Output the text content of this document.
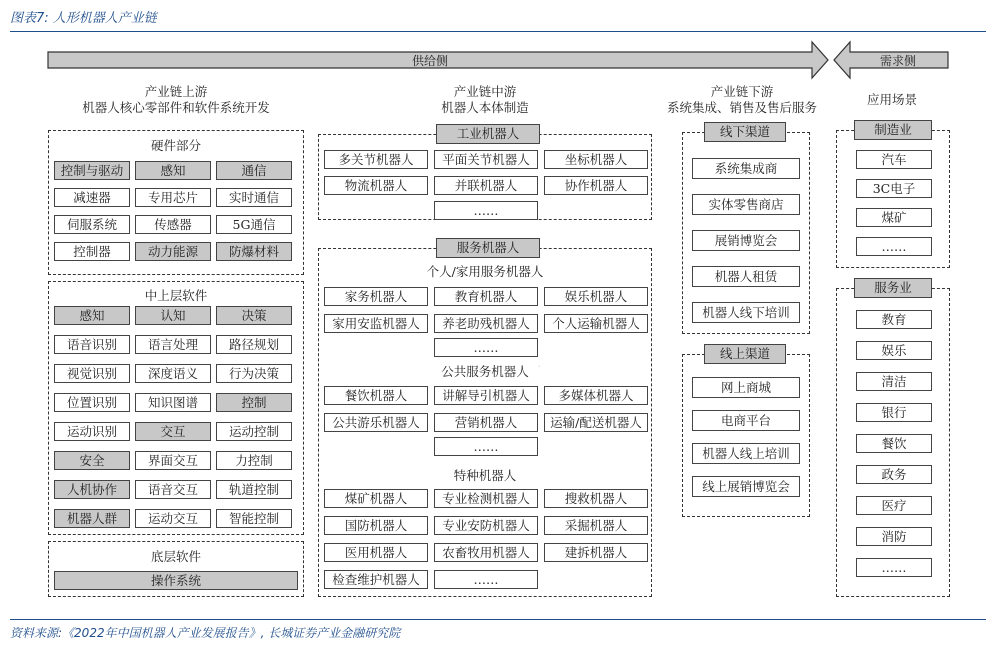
图表7: 人形机器人产业链
供给侧	需求侧
产业链上游
机器人核心零部件和软件系统开发
产业链中游
机器人本体制造
产业链下游
系统集成、销售及售后服务
应用场景
硬件部分
控制与驱动	感知	通信
减速器	专用芯片	实时通信
伺服系统	传感器	5G通信
控制器	动力能源	防爆材料
中上层软件
感知	认知	决策
语音识别	语言处理	路径规划
视觉识别	深度语义	行为决策
位置识别	知识图谱	控制
运动识别	交互	运动控制
安全	界面交互	力控制
人机协作	语音交互	轨道控制
机器人群	运动交互	智能控制
底层软件
操作系统
工业机器人
多关节机器人	平面关节机器人	坐标机器人
物流机器人	并联机器人	协作机器人
……
服务机器人
个人/家用服务机器人
公共服务机器人
特种机器人
家务机器人	教育机器人	娱乐机器人
家用安监机器人	养老助残机器人	个人运输机器人
……
餐饮机器人	讲解导引机器人	多媒体机器人
公共游乐机器人	营销机器人	运输/配送机器人
……
煤矿机器人	专业检测机器人	搜救机器人
国防机器人	专业安防机器人	采掘机器人
医用机器人	农畜牧用机器人	建拆机器人
检查维护机器人	……
·
线下渠道
系统集成商
实体零售商店
展销博览会
机器人租赁
机器人线下培训
线上渠道
网上商城
电商平台
机器人线上培训
线上展销博览会
制造业
汽车
3C电子
煤矿
……
服务业
教育
娱乐
清洁
银行
餐饮
政务
医疗
消防
……
资料来源:《2022年中国机器人产业发展报告》, 长城证券产业金融研究院
